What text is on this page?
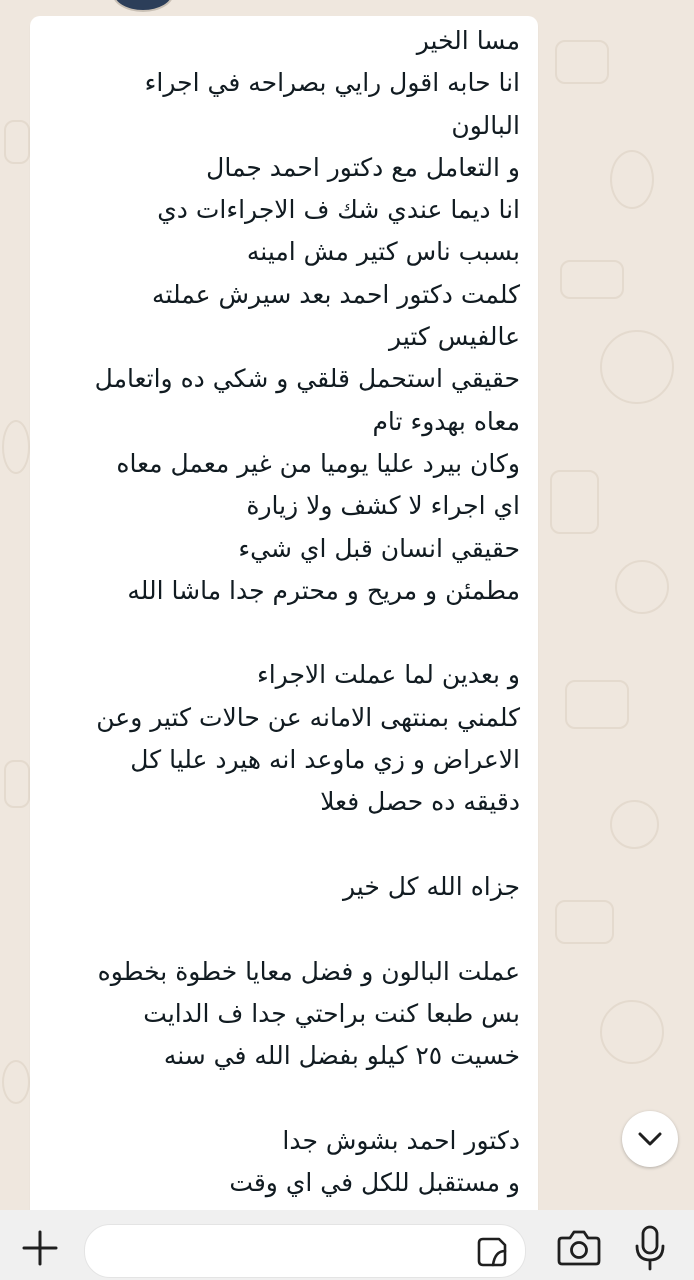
مسا الخير
انا حابه اقول رايي بصراحه في اجراء
البالون
و التعامل مع دكتور احمد جمال
انا ديما عندي شك ف الاجراءات دي
بسبب ناس كتير مش امينه
كلمت دكتور احمد بعد سيرش عملته
عالفيس كتير
حقيقي استحمل قلقي و شكي ده واتعامل
معاه بهدوء تام
وكان بيرد عليا يوميا من غير معمل معاه
اي اجراء لا كشف ولا زيارة
حقيقي انسان قبل اي شيء
مطمئن و مريح و محترم جدا ماشا الله
و بعدين لما عملت الاجراء
كلمني بمنتهى الامانه عن حالات كتير وعن
الاعراض و زي ماوعد انه هيرد عليا كل
دقيقه ده حصل فعلا
جزاه الله كل خير
عملت البالون و فضل معايا خطوة بخطوه
بس طبعا كنت براحتي جدا ف الدايت
خسيت ٢٥ كيلو بفضل الله في سنه
دكتور احمد بشوش جدا
و مستقبل للكل في اي وقت
